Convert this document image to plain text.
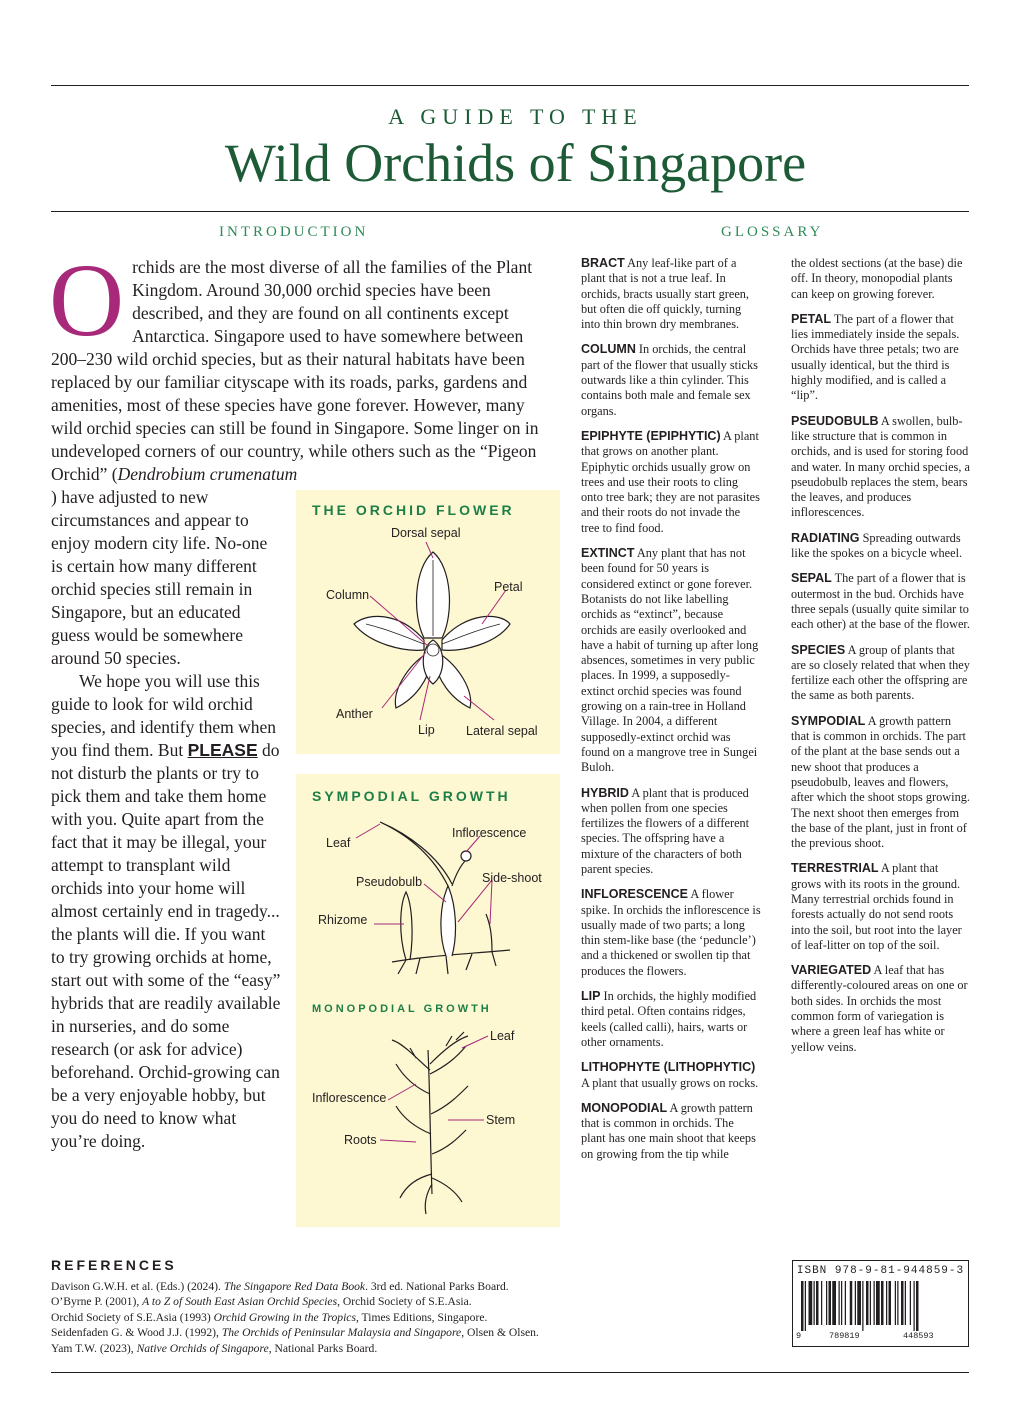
A GUIDE TO THE
Wild Orchids of Singapore
INTRODUCTION	GLOSSARY
Orchids are the most diverse of all the families of the Plant Kingdom. Around 30,000 orchid species have been described, and they are found on all continents except Antarctica. Singapore used to have somewhere between 200–230 wild orchid species, but as their natural habitats have been replaced by our familiar cityscape with its roads, parks, gardens and amenities, most of these species have gone forever. However, many wild orchid species can still be found in Singapore. Some linger on in undeveloped corners of our country, while others such as the “Pigeon Orchid” (Dendrobium crumenatum

) have adjusted to new circumstances and appear to enjoy modern city life. No-one is certain how many different orchid species still remain in Singapore, but an educated guess would be somewhere around 50 species.

We hope you will use this guide to look for wild orchid species, and identify them when you find them. But PLEASE do not disturb the plants or try to pick them and take them home with you. Quite apart from the fact that it may be illegal, your attempt to transplant wild orchids into your home will almost certainly end in tragedy... the plants will die. If you want to try growing orchids at home, start out with some of the “easy” hybrids that are readily available in nurseries, and do some research (or ask for advice) beforehand. Orchid-growing can be a very enjoyable hobby, but you do need to know what you’re doing.

THE ORCHID FLOWER
Dorsal sepal
Column
Petal
Anther
Lip	Lateral sepal
SYMPODIAL GROWTH
MONOPODIAL GROWTH
Leaf
Inflorescence
Pseudobulb	Side-shoot
Rhizome
Leaf
Inflorescence
Stem
Roots
REFERENCES
Davison G.W.H. et al. (Eds.) (2024). The Singapore Red Data Book. 3rd ed. National Parks Board.
O’Byrne P. (2001), A to Z of South East Asian Orchid Species, Orchid Society of S.E.Asia.
Orchid Society of S.E.Asia (1993) Orchid Growing in the Tropics, Times Editions, Singapore.
Seidenfaden G. & Wood J.J. (1992), The Orchids of Peninsular Malaysia and Singapore, Olsen & Olsen.
Yam T.W. (2023), Native Orchids of Singapore, National Parks Board.
BRACT Any leaf-like part of a plant that is not a true leaf. In orchids, bracts usually start green, but often die off quickly, turning into thin brown dry membranes.
COLUMN In orchids, the central part of the flower that usually sticks outwards like a thin cylinder. This contains both male and female sex organs.
EPIPHYTE (EPIPHYTIC) A plant that grows on another plant. Epiphytic orchids usually grow on trees and use their roots to cling onto tree bark; they are not parasites and their roots do not invade the tree to find food.
EXTINCT Any plant that has not been found for 50 years is considered extinct or gone forever. Botanists do not like labelling orchids as “extinct”, because orchids are easily overlooked and have a habit of turning up after long absences, sometimes in very public places. In 1999, a supposedly-extinct orchid species was found growing on a rain-tree in Holland Village. In 2004, a different supposedly-extinct orchid was found on a mangrove tree in Sungei Buloh.
HYBRID A plant that is produced when pollen from one species fertilizes the flowers of a different species. The offspring have a mixture of the characters of both parent species.
INFLORESCENCE A flower spike. In orchids the inflorescence is usually made of two parts; a long thin stem-like base (the ‘peduncle’) and a thickened or swollen tip that produces the flowers.
LIP In orchids, the highly modified third petal. Often contains ridges, keels (called calli), hairs, warts or other ornaments.
LITHOPHYTE (LITHOPHYTIC) A plant that usually grows on rocks.
MONOPODIAL A growth pattern that is common in orchids. The plant has one main shoot that keeps on growing from the tip while
the oldest sections (at the base) die off. In theory, monopodial plants can keep on growing forever.
PETAL The part of a flower that lies immediately inside the sepals. Orchids have three petals; two are usually identical, but the third is highly modified, and is called a “lip”.
PSEUDOBULB A swollen, bulb-like structure that is common in orchids, and is used for storing food and water. In many orchid species, a pseudobulb replaces the stem, bears the leaves, and produces inflorescences.
RADIATING Spreading outwards like the spokes on a bicycle wheel.
SEPAL The part of a flower that is outermost in the bud. Orchids have three sepals (usually quite similar to each other) at the base of the flower.
SPECIES A group of plants that are so closely related that when they fertilize each other the offspring are the same as both parents.
SYMPODIAL A growth pattern that is common in orchids. The part of the plant at the base sends out a new shoot that produces a pseudobulb, leaves and flowers, after which the shoot stops growing. The next shoot then emerges from the base of the plant, just in front of the previous shoot.
TERRESTRIAL A plant that grows with its roots in the ground. Many terrestrial orchids found in forests actually do not send roots into the soil, but root into the layer of leaf-litter on top of the soil.
VARIEGATED A leaf that has differently-coloured areas on one or both sides. In orchids the most common form of variegation is where a green leaf has white or yellow veins.
ISBN 978-9-81-944859-3
9	789819	448593
